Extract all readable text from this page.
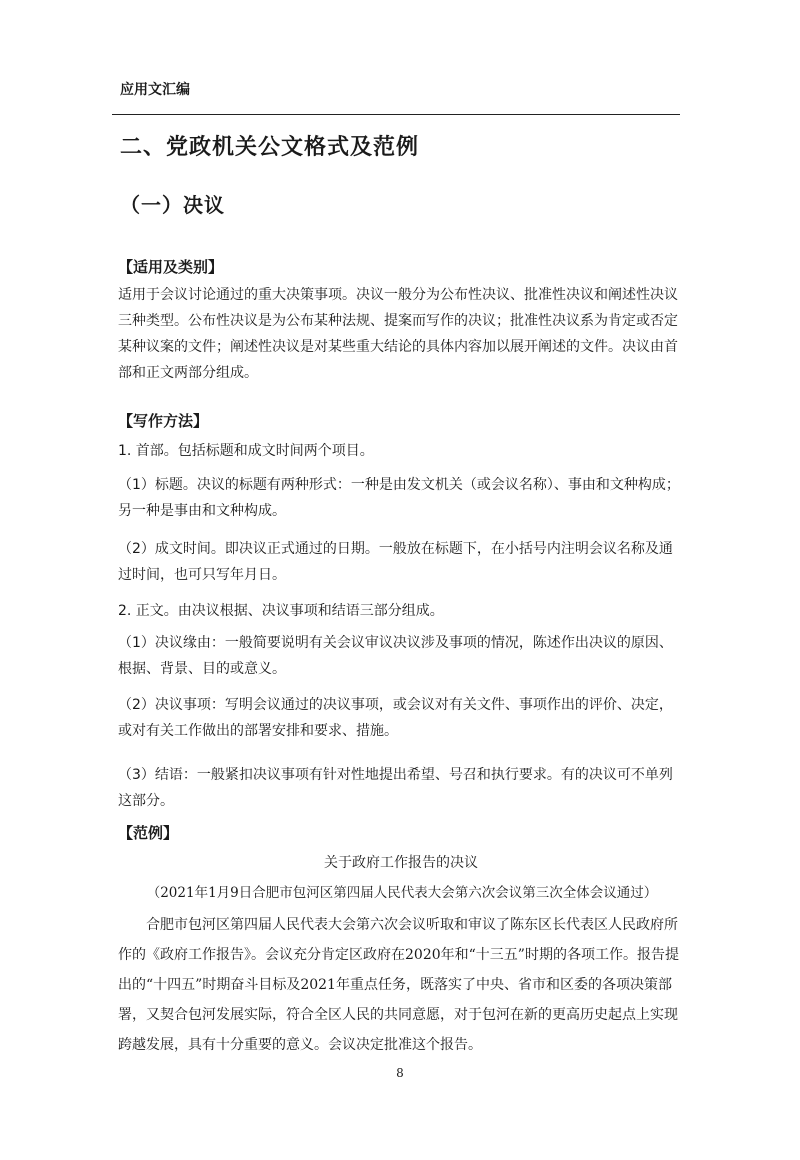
应用文汇编
二、党政机关公文格式及范例
（一）决议
【适用及类别】

适用于会议讨论通过的重大决策事项。决议一般分为公布性决议、批准性决议和阐述性决议三种类型。公布性决议是为公布某种法规、提案而写作的决议；批准性决议系为肯定或否定某种议案的文件；阐述性决议是对某些重大结论的具体内容加以展开阐述的文件。决议由首部和正文两部分组成。

【写作方法】

1. 首部。包括标题和成文时间两个项目。

（1）标题。决议的标题有两种形式：一种是由发文机关（或会议名称）、事由和文种构成；另一种是事由和文种构成。

（2）成文时间。即决议正式通过的日期。一般放在标题下，在小括号内注明会议名称及通过时间，也可只写年月日。

2. 正文。由决议根据、决议事项和结语三部分组成。

（1）决议缘由：一般简要说明有关会议审议决议涉及事项的情况，陈述作出决议的原因、根据、背景、目的或意义。

（2）决议事项：写明会议通过的决议事项，或会议对有关文件、事项作出的评价、决定，或对有关工作做出的部署安排和要求、措施。

（3）结语：一般紧扣决议事项有针对性地提出希望、号召和执行要求。有的决议可不单列这部分。

【范例】

关于政府工作报告的决议

（2021年1月9日合肥市包河区第四届人民代表大会第六次会议第三次全体会议通过）

合肥市包河区第四届人民代表大会第六次会议听取和审议了陈东区长代表区人民政府所作的《政府工作报告》。会议充分肯定区政府在2020年和“十三五”时期的各项工作。报告提出的“十四五”时期奋斗目标及2021年重点任务，既落实了中央、省市和区委的各项决策部署，又契合包河发展实际，符合全区人民的共同意愿，对于包河在新的更高历史起点上实现跨越发展，具有十分重要的意义。会议决定批准这个报告。

8
